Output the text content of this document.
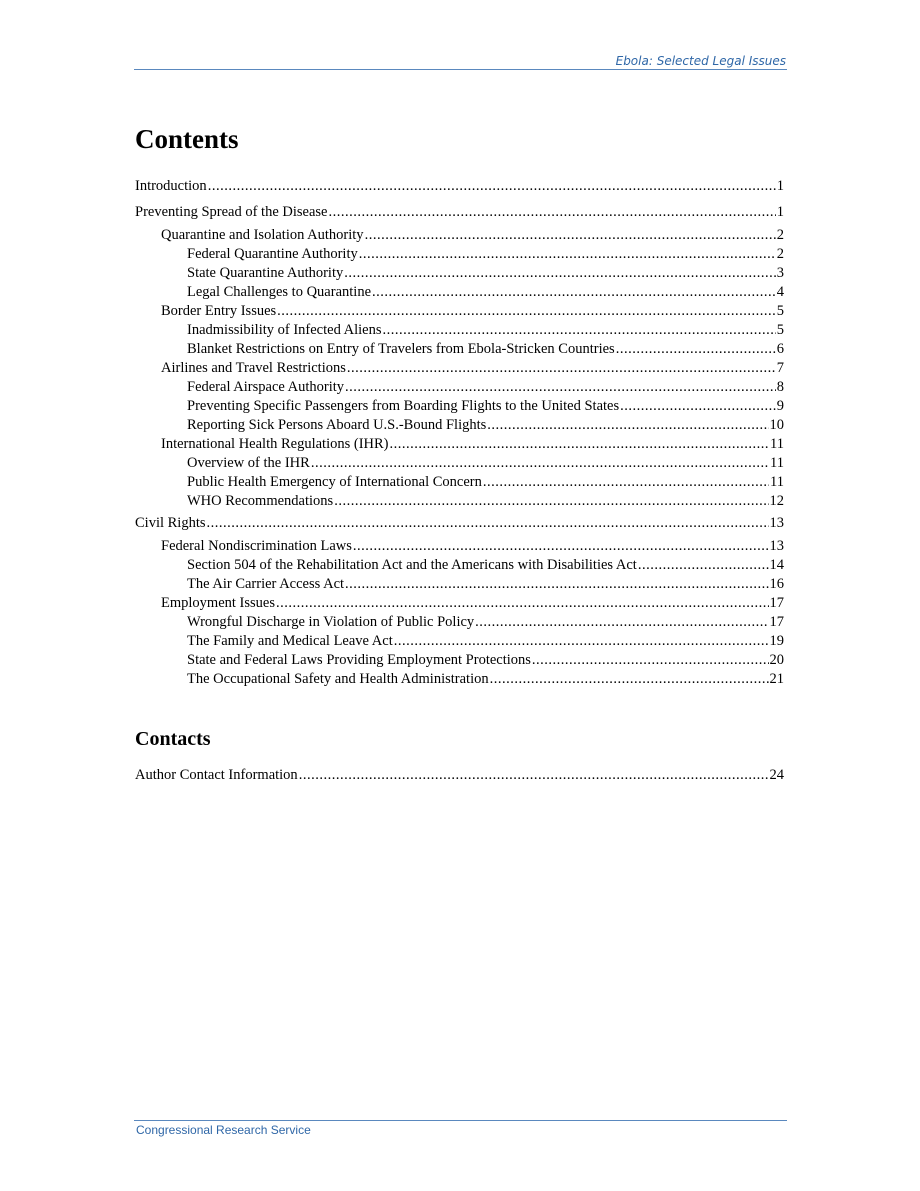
Ebola: Selected Legal Issues
Contents
Introduction .....	1
Preventing Spread of the Disease .....	1
Quarantine and Isolation Authority .....	2
Federal Quarantine Authority .....	2
State Quarantine Authority .....	3
Legal Challenges to Quarantine .....	4
Border Entry Issues .....	5
Inadmissibility of Infected Aliens .....	5
Blanket Restrictions on Entry of Travelers from Ebola-Stricken Countries .....	6
Airlines and Travel Restrictions .....	7
Federal Airspace Authority .....	8
Preventing Specific Passengers from Boarding Flights to the United States .....	9
Reporting Sick Persons Aboard U.S.-Bound Flights .....	10
International Health Regulations (IHR) .....	11
Overview of the IHR .....	11
Public Health Emergency of International Concern .....	11
WHO Recommendations .....	12
Civil Rights .....	13
Federal Nondiscrimination Laws .....	13
Section 504 of the Rehabilitation Act and the Americans with Disabilities Act .....	14
The Air Carrier Access Act .....	16
Employment Issues .....	17
Wrongful Discharge in Violation of Public Policy .....	17
The Family and Medical Leave Act .....	19
State and Federal Laws Providing Employment Protections .....	20
The Occupational Safety and Health Administration .....	21
Contacts
Author Contact Information .....	24
Congressional Research Service
